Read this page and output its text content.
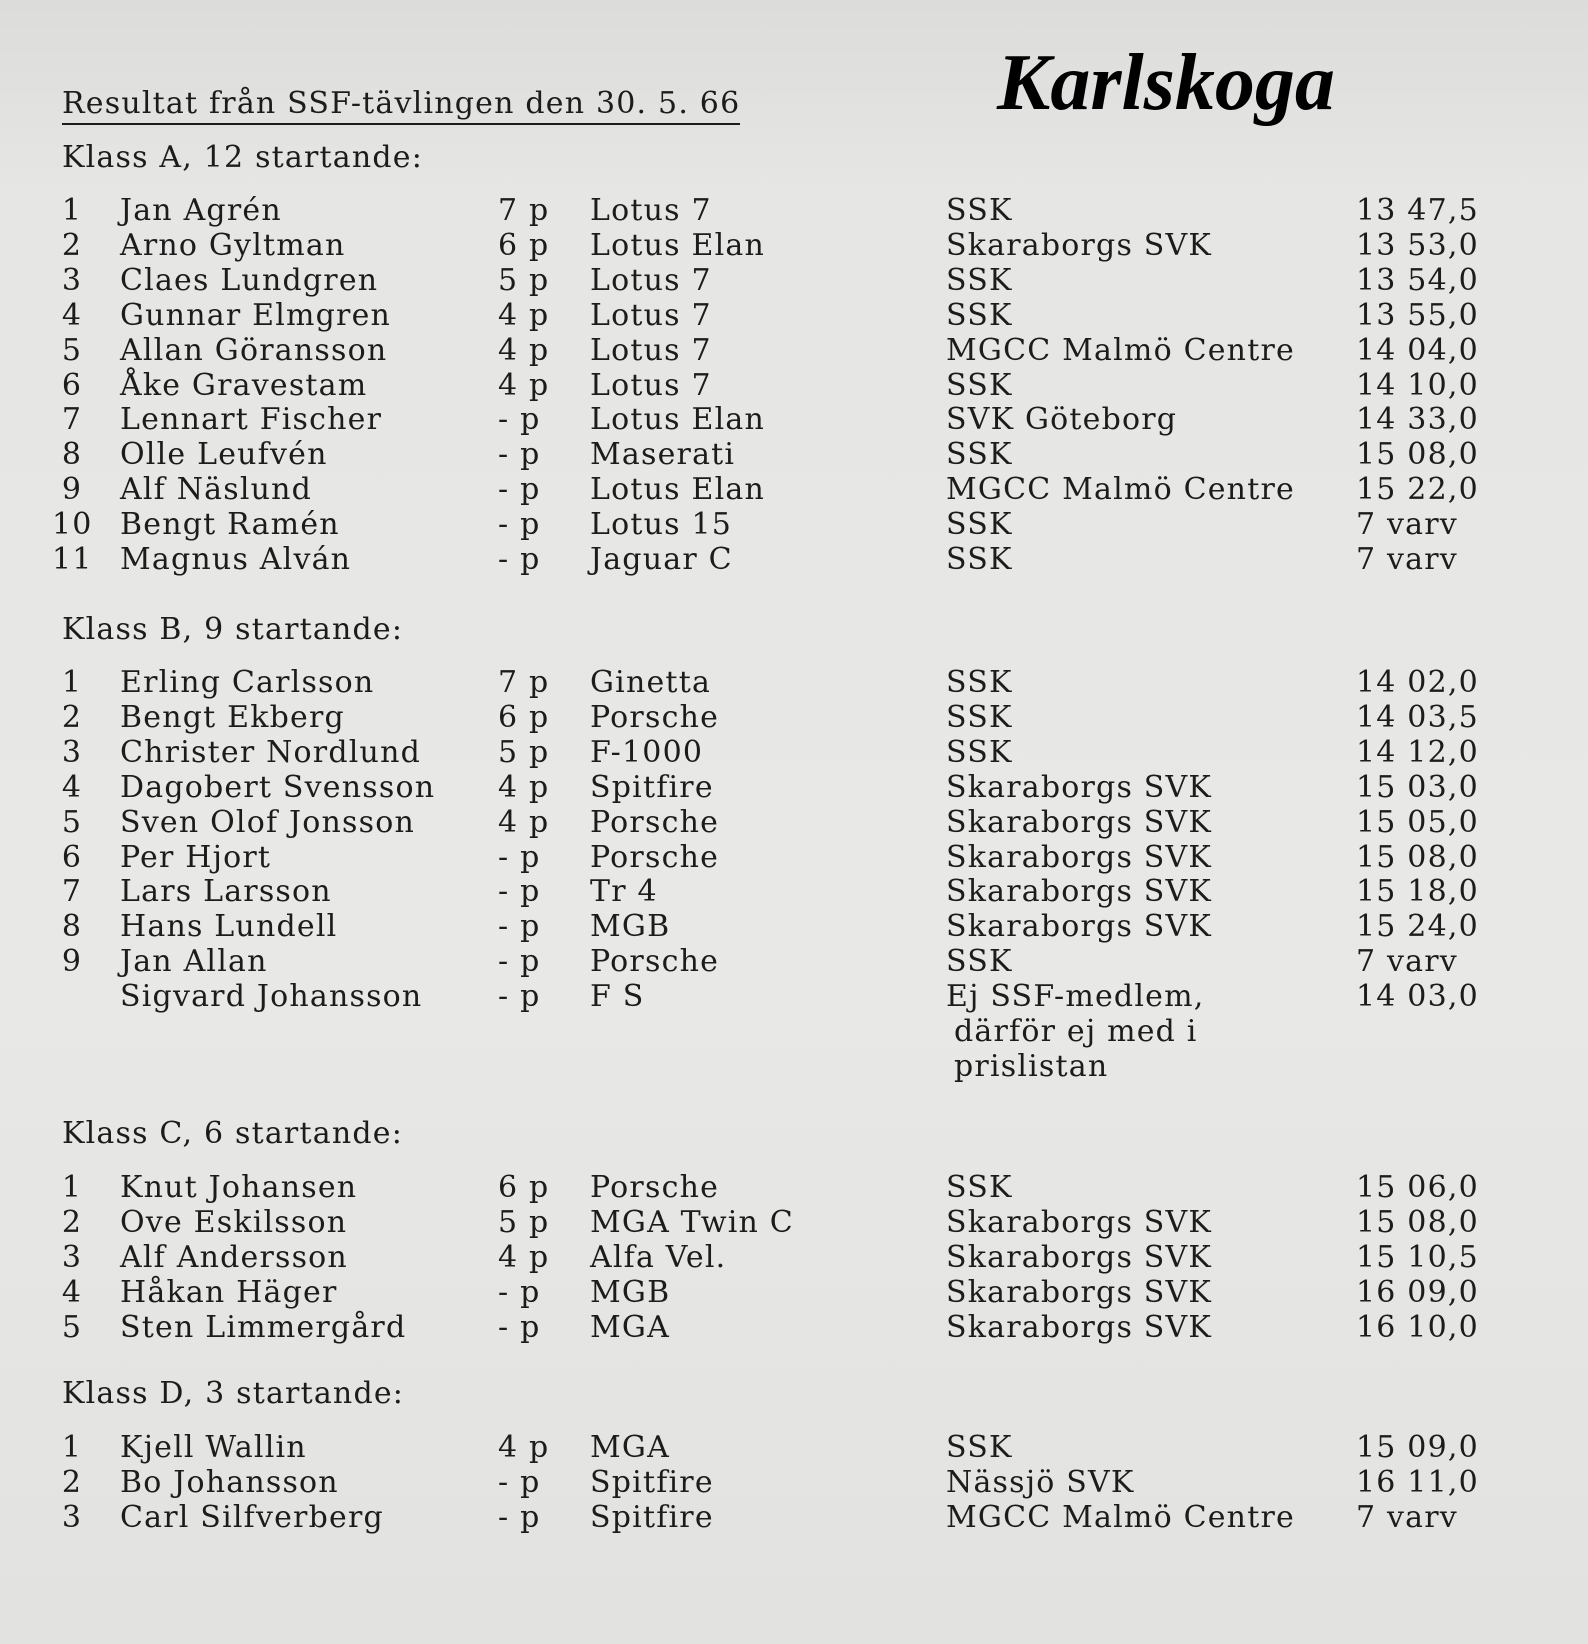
Resultat från SSF-tävlingen den 30. 5. 66	Karlskoga
Klass A, 12 startande:
1	Jan Agrén	7 p Lotus 7	SSK	13 47,5
2	Arno Gyltman	6 p Lotus Elan	Skaraborgs SVK	13 53,0
3	Claes Lundgren	5 p Lotus 7	SSK	13 54,0
4	Gunnar Elmgren	4 p Lotus 7	SSK	13 55,0
5	Allan Göransson	4 p Lotus 7	MGCC Malmö Centre 14 04,0
6	Åke Gravestam	4 p Lotus 7	SSK	14 10,0
7	Lennart Fischer	- p Lotus Elan	SVK Göteborg	14 33,0
8	Olle Leufvén	- p Maserati	SSK	15 08,0
9	Alf Näslund	- p Lotus Elan	MGCC Malmö Centre 15 22,0
10 Bengt Ramén	- p Lotus 15	SSK	7 varv
11 Magnus Alván	- p Jaguar C	SSK	7 varv
Klass B, 9 startande:
1	Erling Carlsson	7 p Ginetta	SSK	14 02,0
2	Bengt Ekberg	6 p Porsche	SSK	14 03,5
3	Christer Nordlund	5 p F-1000	SSK	14 12,0
4	Dagobert Svensson 4 p Spitfire	Skaraborgs SVK	15 03,0
5	Sven Olof Jonsson	4 p Porsche	Skaraborgs SVK	15 05,0
6	Per Hjort	- p Porsche	Skaraborgs SVK	15 08,0
7	Lars Larsson	- p Tr 4	Skaraborgs SVK	15 18,0
8	Hans Lundell	- p MGB	Skaraborgs SVK	15 24,0
9	Jan Allan	- p Porsche	SSK	7 varv
Sigvard Johansson	- p F S	Ej SSF-medlem,	14 03,0
därför ej med i
prislistan
Klass C, 6 startande:
1	Knut Johansen	6 p Porsche	SSK	15 06,0
2	Ove Eskilsson	5 p MGA Twin C	Skaraborgs SVK	15 08,0
3	Alf Andersson	4 p Alfa Vel.	Skaraborgs SVK	15 10,5
4	Håkan Häger	- p MGB	Skaraborgs SVK	16 09,0
5	Sten Limmergård	- p MGA	Skaraborgs SVK	16 10,0
Klass D, 3 startande:
1	Kjell Wallin	4 p MGA	SSK	15 09,0
2	Bo Johansson	- p Spitfire	Nässjö SVK	16 11,0
3	Carl Silfverberg	- p Spitfire	MGCC Malmö Centre 7 varv
